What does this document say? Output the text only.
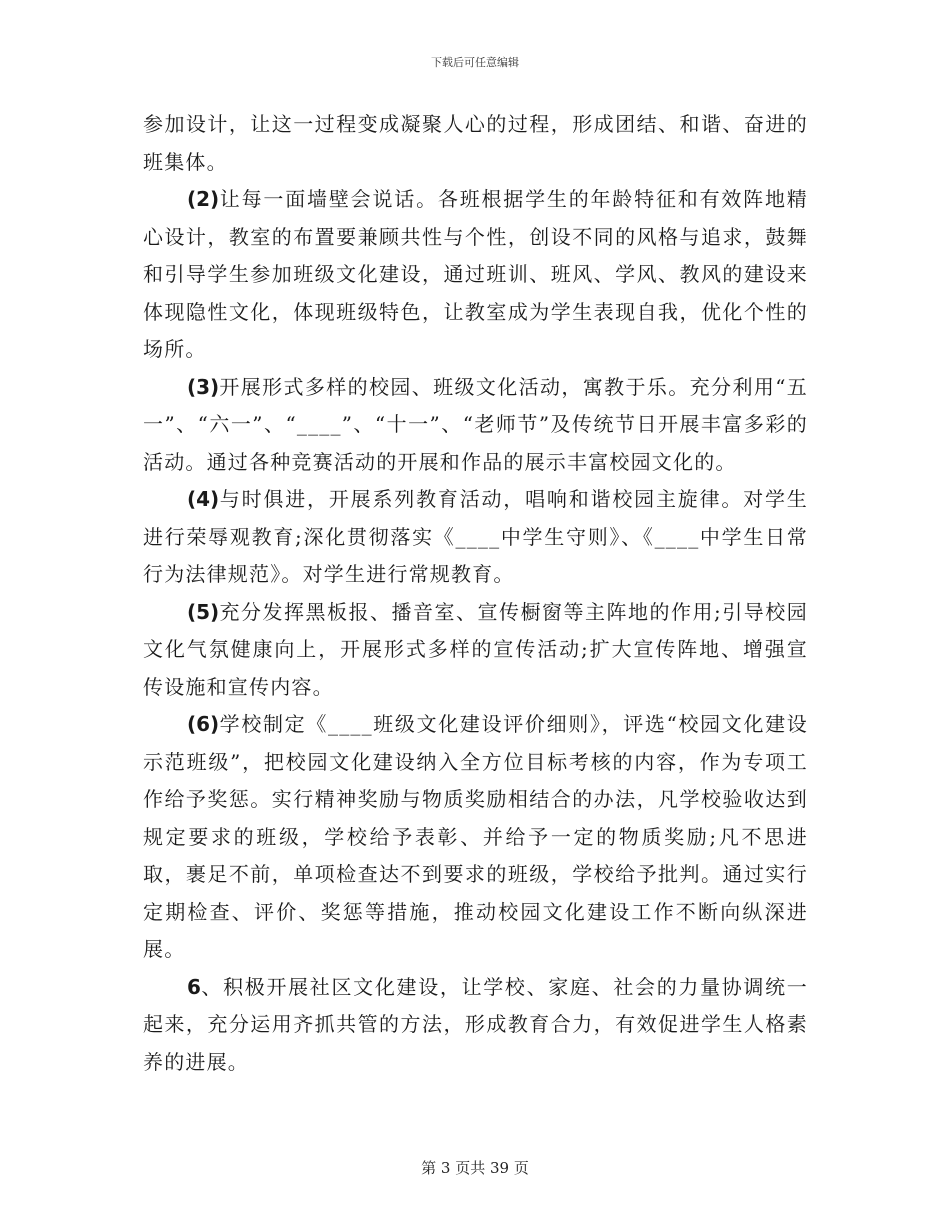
下载后可任意编辑

参加设计，让这一过程变成凝聚人心的过程，形成团结、和谐、奋进的班集体。

(2)让每一面墙壁会说话。各班根据学生的年龄特征和有效阵地精心设计，教室的布置要兼顾共性与个性，创设不同的风格与追求，鼓舞和引导学生参加班级文化建设，通过班训、班风、学风、教风的建设来体现隐性文化，体现班级特色，让教室成为学生表现自我，优化个性的场所。

(3)开展形式多样的校园、班级文化活动，寓教于乐。充分利用“五一”、“六一”、“____”、“十一”、“老师节”及传统节日开展丰富多彩的活动。通过各种竞赛活动的开展和作品的展示丰富校园文化的。

(4)与时俱进，开展系列教育活动，唱响和谐校园主旋律。对学生进行荣辱观教育;深化贯彻落实《____中学生守则》、《____中学生日常行为法律规范》。对学生进行常规教育。

(5)充分发挥黑板报、播音室、宣传橱窗等主阵地的作用;引导校园文化气氛健康向上，开展形式多样的宣传活动;扩大宣传阵地、增强宣传设施和宣传内容。

(6)学校制定《____班级文化建设评价细则》，评选“校园文化建设示范班级”，把校园文化建设纳入全方位目标考核的内容，作为专项工作给予奖惩。实行精神奖励与物质奖励相结合的办法，凡学校验收达到规定要求的班级，学校给予表彰、并给予一定的物质奖励;凡不思进取，裹足不前，单项检查达不到要求的班级，学校给予批判。通过实行定期检查、评价、奖惩等措施，推动校园文化建设工作不断向纵深进展。

6、积极开展社区文化建设，让学校、家庭、社会的力量协调统一起来，充分运用齐抓共管的方法，形成教育合力，有效促进学生人格素养的进展。

第 3 页共 39 页
